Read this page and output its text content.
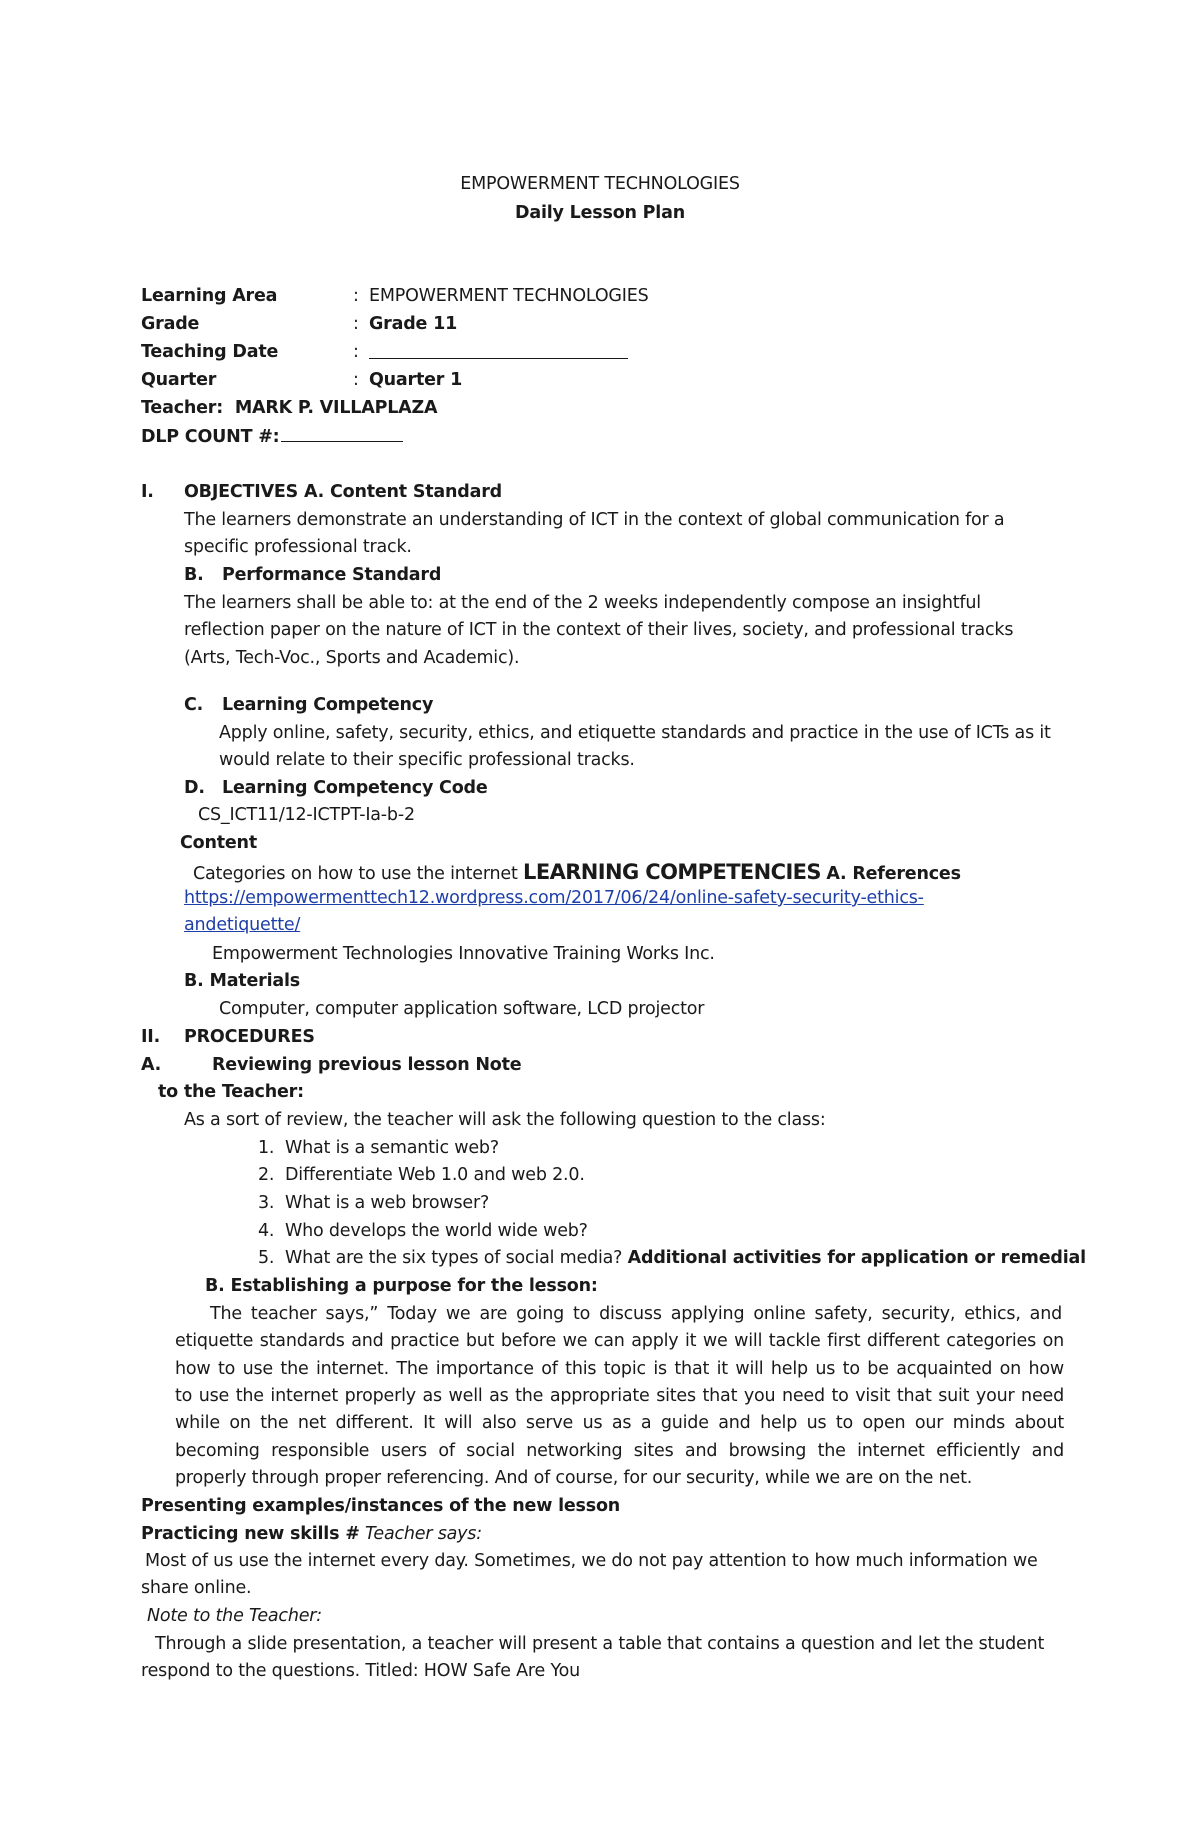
EMPOWERMENT TECHNOLOGIES
Daily Lesson Plan
Learning Area	: EMPOWERMENT TECHNOLOGIES
Grade	: Grade 11
Teaching Date	:
Quarter	: Quarter 1
Teacher: MARK P. VILLAPLAZA
DLP COUNT #:
I. OBJECTIVES A. Content Standard
The learners demonstrate an understanding of ICT in the context of global communication for a
specific professional track.
B. Performance Standard
The learners shall be able to: at the end of the 2 weeks independently compose an insightful
reflection paper on the nature of ICT in the context of their lives, society, and professional tracks
(Arts, Tech-Voc., Sports and Academic).
C. Learning Competency
Apply online, safety, security, ethics, and etiquette standards and practice in the use of ICTs as it
would relate to their specific professional tracks.
D. Learning Competency Code
CS_ICT11/12-ICTPT-Ia-b-2
Content
Categories on how to use the internet LEARNING COMPETENCIES A. References
https://empowermenttech12.wordpress.com/2017/06/24/online-safety-security-ethics-
andetiquette/
Empowerment Technologies Innovative Training Works Inc.
B. Materials
Computer, computer application software, LCD projector
II. PROCEDURES
A.	Reviewing previous lesson Note
to the Teacher:
As a sort of review, the teacher will ask the following question to the class:
1. What is a semantic web?
2. Differentiate Web 1.0 and web 2.0.
3. What is a web browser?
4. Who develops the world wide web?
5. What are the six types of social media? Additional activities for application or remedial
B. Establishing a purpose for the lesson:
The teacher says,” Today we are going to discuss applying online safety, security, ethics, and
etiquette standards and practice but before we can apply it we will tackle first different categories on
how to use the internet. The importance of this topic is that it will help us to be acquainted on how
to use the internet properly as well as the appropriate sites that you need to visit that suit your need
while on the net different. It will also serve us as a guide and help us to open our minds about
becoming responsible users of social networking sites and browsing the internet efficiently and
properly through proper referencing. And of course, for our security, while we are on the net.
Presenting examples/instances of the new lesson
Practicing new skills # Teacher says:
Most of us use the internet every day. Sometimes, we do not pay attention to how much information we
share online.
Note to the Teacher:
Through a slide presentation, a teacher will present a table that contains a question and let the student
respond to the questions. Titled: HOW Safe Are You
